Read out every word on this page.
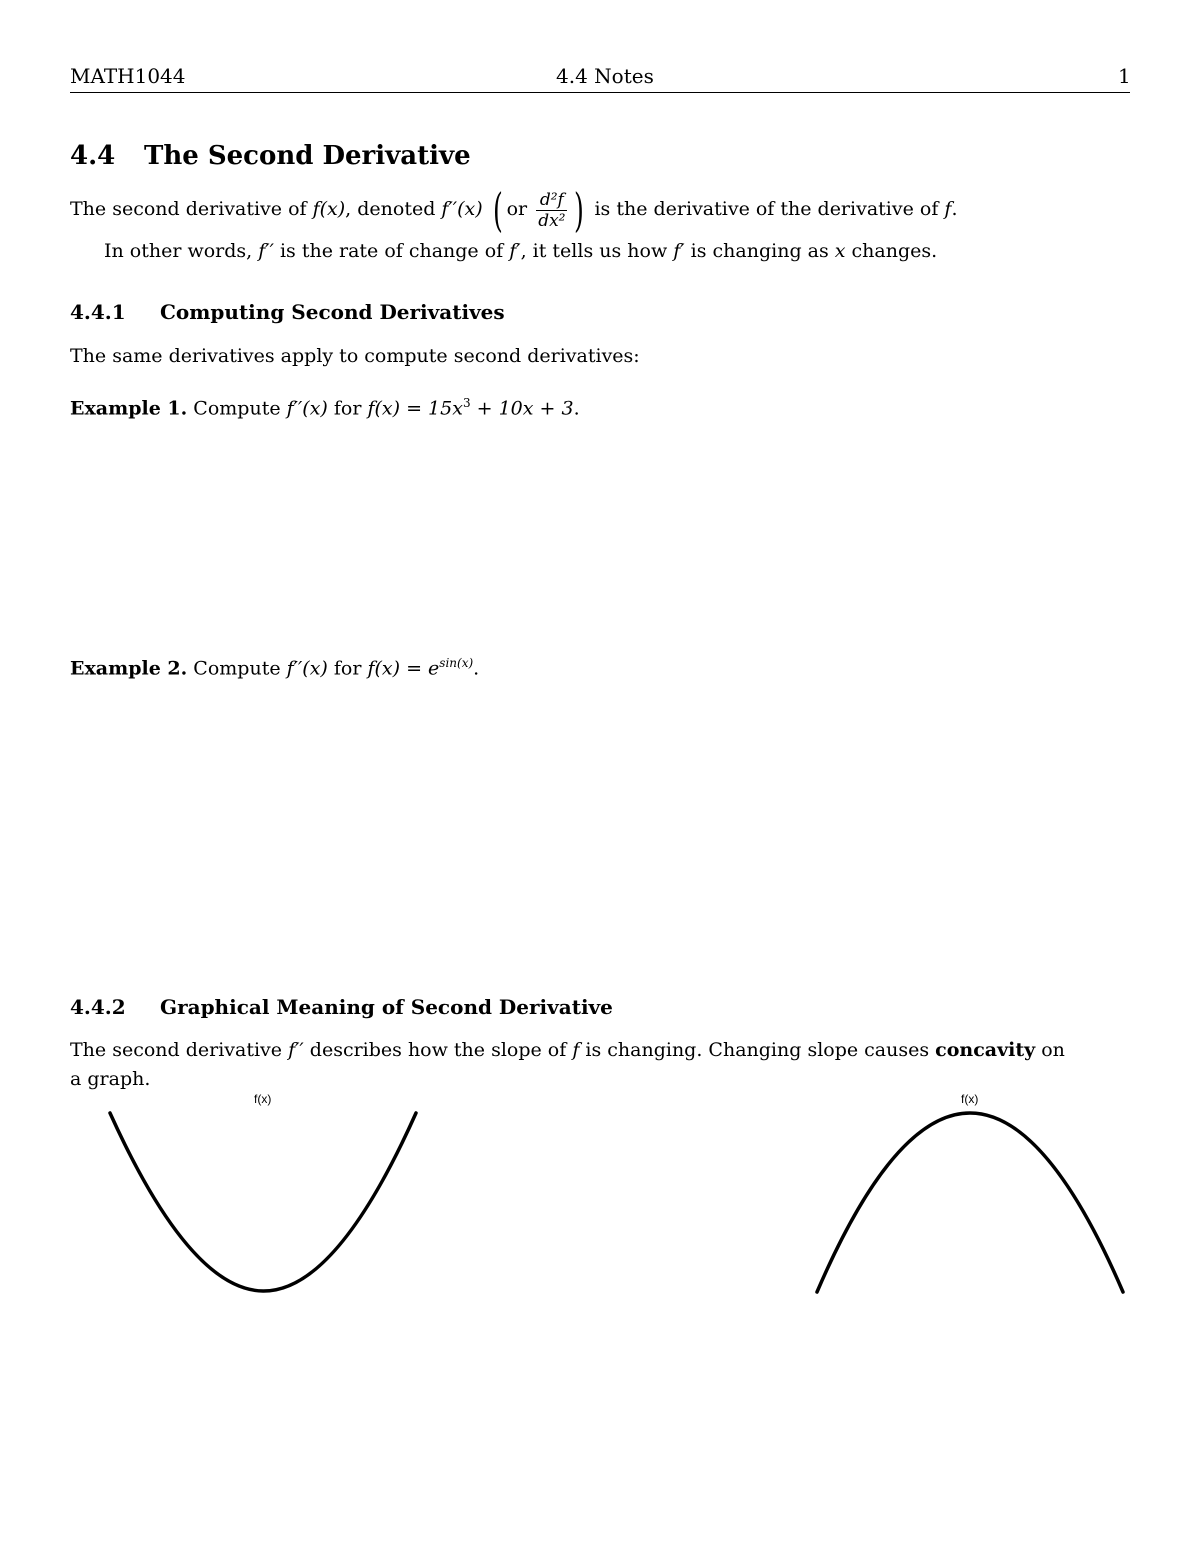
MATH1044	4.4 Notes	1
4.4 The Second Derivative
The second derivative of f(x), denoted f′′(x) ( or $\frac{\text{d²f}}{\text{dx²}}$ ) is the derivative of the derivative of f.
In other words, f′′ is the rate of change of f′, it tells us how f′ is changing as x changes.
4.4.1 Computing Second Derivatives
The same derivatives apply to compute second derivatives:
Example 1. Compute f′′(x) for $f(x) = 15x^3 + 10x + 3$.
Example 2. Compute f′′(x) for $f(x) = e^{sin(x)}$.
4.4.2 Graphical Meaning of Second Derivative
The second derivative f′′ describes how the slope of f is changing. Changing slope causes concavity on
a graph.
f(x)	f(x)
